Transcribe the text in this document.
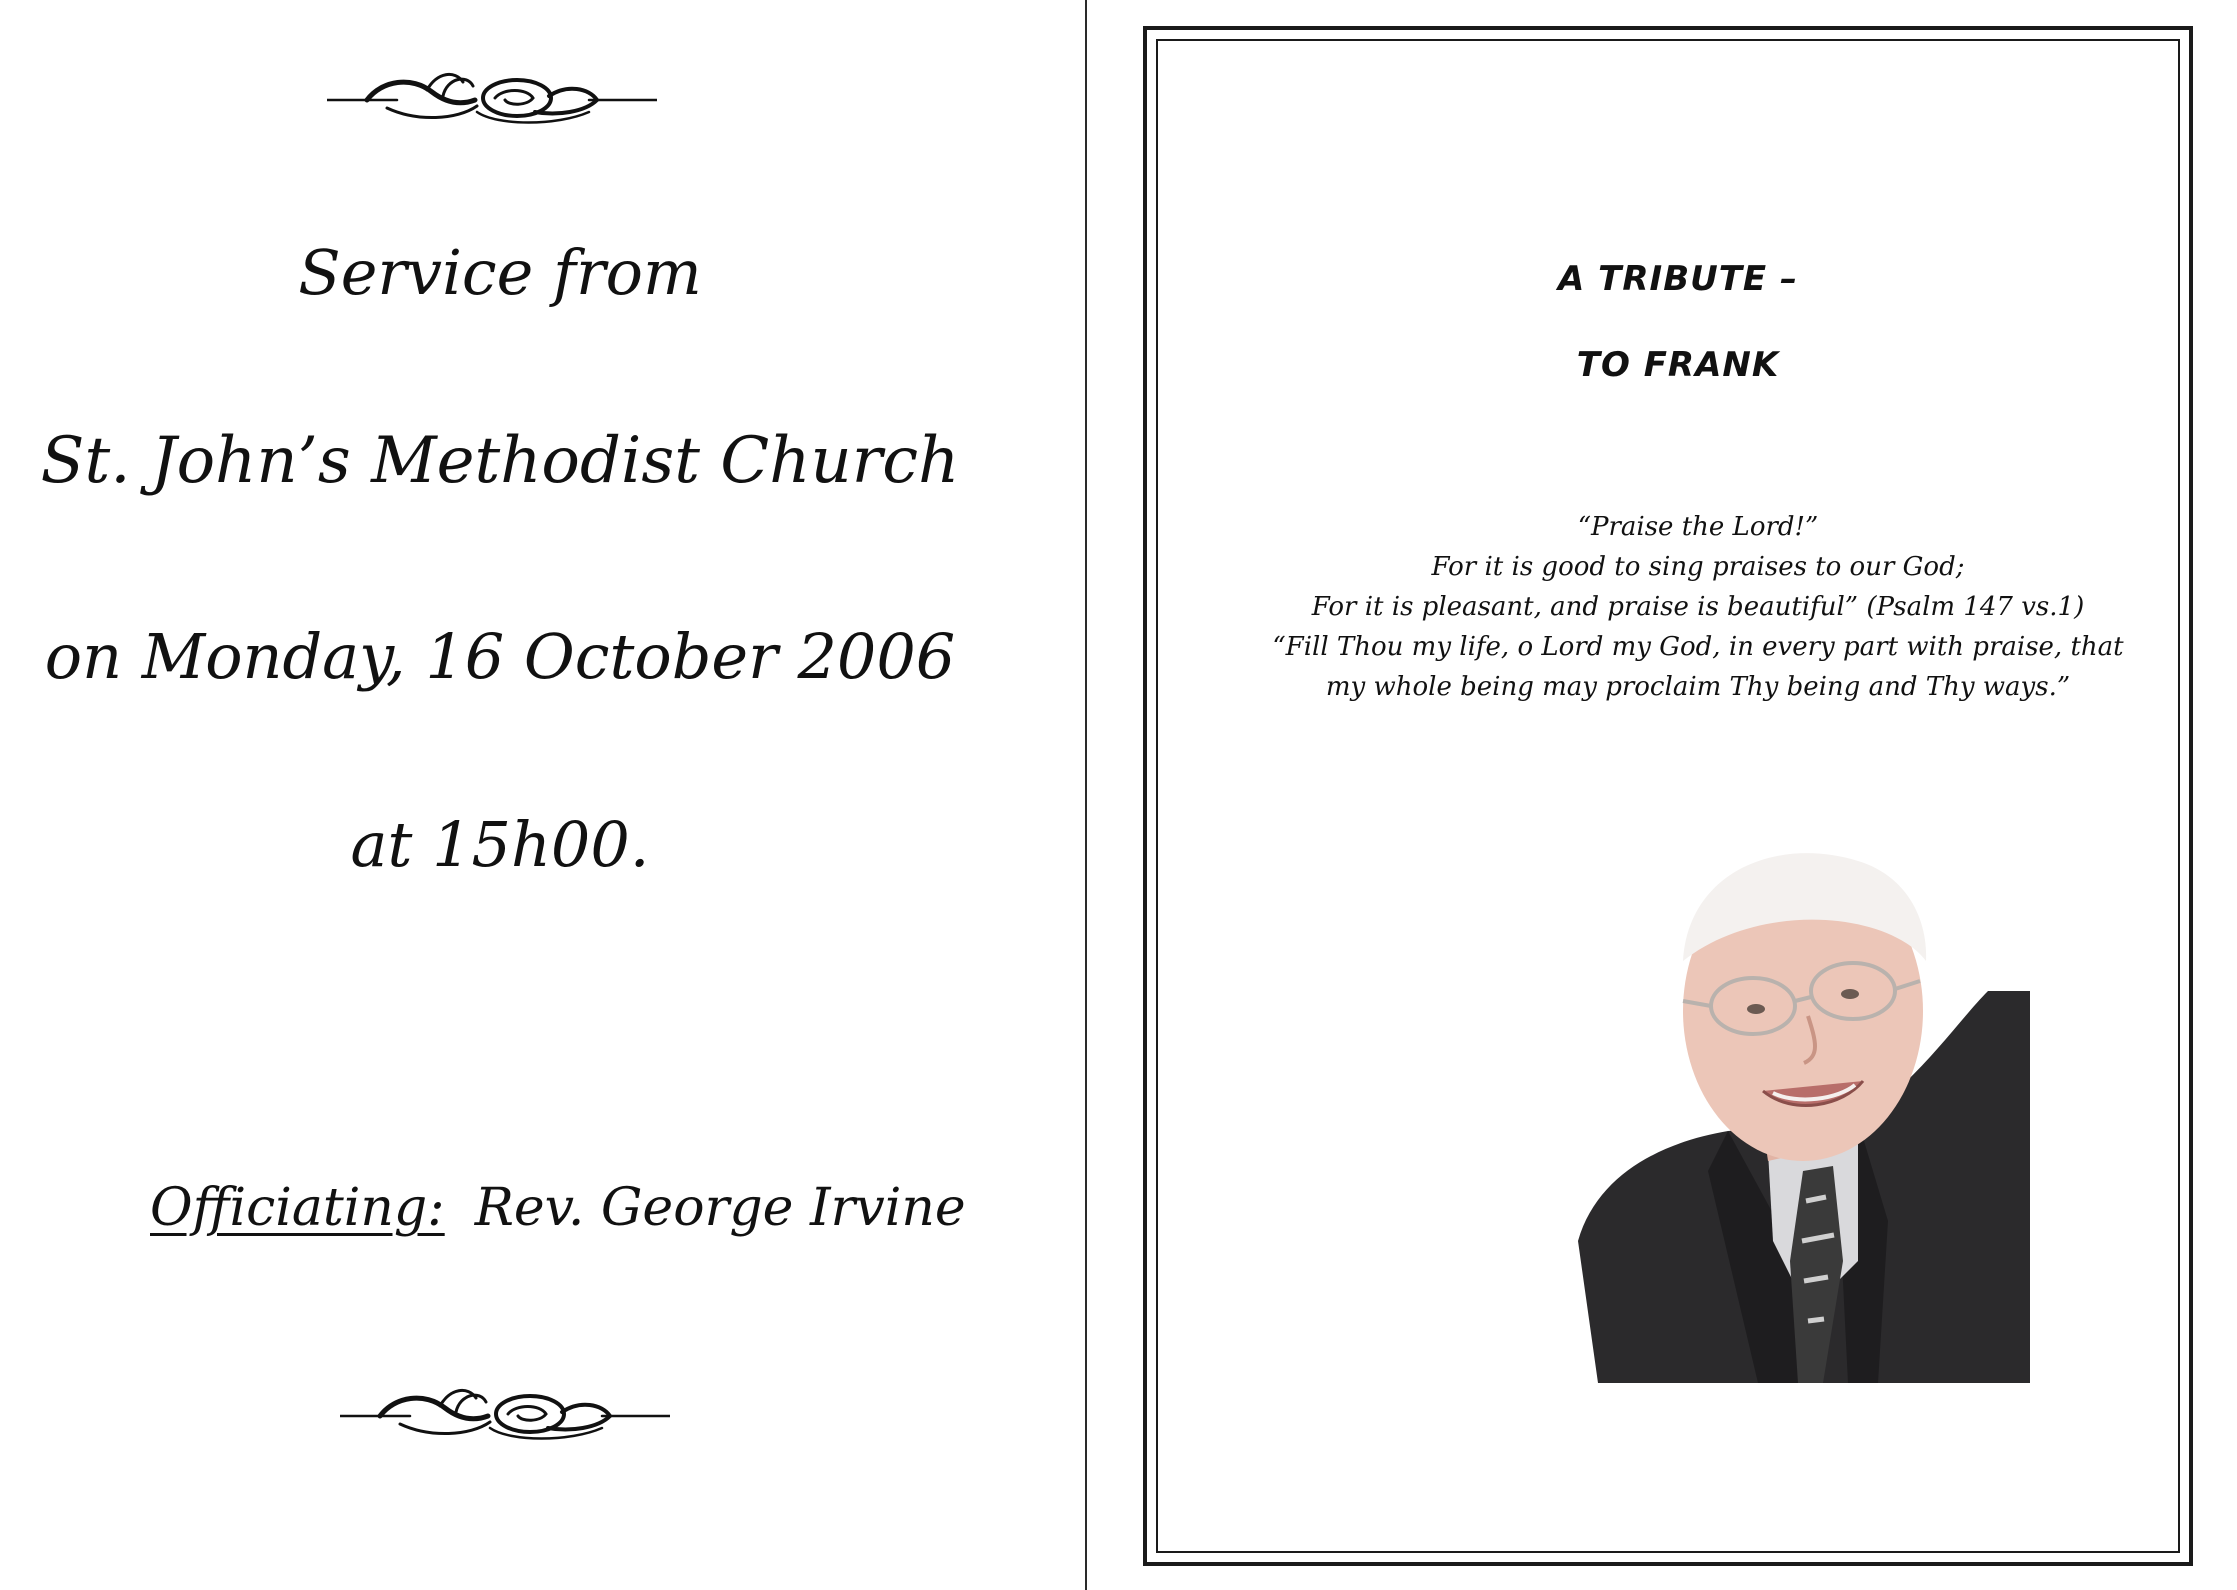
Service from
St. John’s Methodist Church
on Monday, 16 October 2006
at 15h00.
Officiating: Rev. George Irvine
A TRIBUTE –
TO FRANK
“Praise the Lord!”
For it is good to sing praises to our God;
For it is pleasant, and praise is beautiful” (Psalm 147 vs.1)
“Fill Thou my life, o Lord my God, in every part with praise, that
my whole being may proclaim Thy being and Thy ways.”
